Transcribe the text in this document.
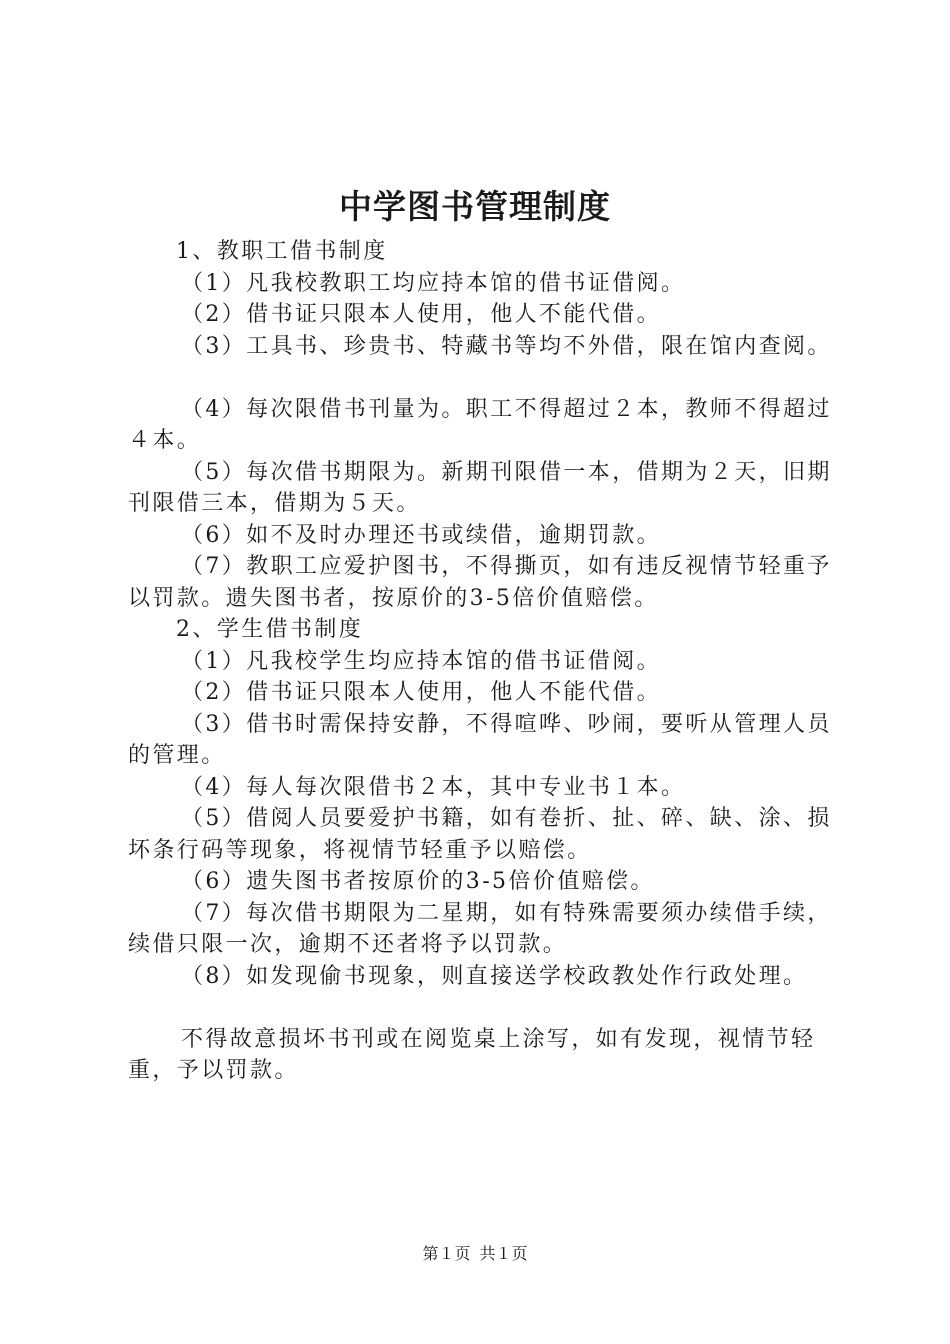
中学图书管理制度

1、教职工借书制度

（1）凡我校教职工均应持本馆的借书证借阅。

（2）借书证只限本人使用，他人不能代借。

（3）工具书、珍贵书、特藏书等均不外借，限在馆内查阅。

（4）每次限借书刊量为。职工不得超过２本，教师不得超过４本。

（5）每次借书期限为。新期刊限借一本，借期为２天，旧期刊限借三本，借期为５天。

（6）如不及时办理还书或续借，逾期罚款。

（7）教职工应爱护图书，不得撕页，如有违反视情节轻重予以罚款。遗失图书者，按原价的3-5倍价值赔偿。

2、学生借书制度

（1）凡我校学生均应持本馆的借书证借阅。

（2）借书证只限本人使用，他人不能代借。

（3）借书时需保持安静，不得喧哗、吵闹，要听从管理人员的管理。

（4）每人每次限借书２本，其中专业书１本。

（5）借阅人员要爱护书籍，如有卷折、扯、碎、缺、涂、损坏条行码等现象，将视情节轻重予以赔偿。

（6）遗失图书者按原价的3-5倍价值赔偿。

（7）每次借书期限为二星期，如有特殊需要须办续借手续，续借只限一次，逾期不还者将予以罚款。

（8）如发现偷书现象，则直接送学校政教处作行政处理。

不得故意损坏书刊或在阅览桌上涂写，如有发现，视情节轻重，予以罚款。

第１页 共１页
